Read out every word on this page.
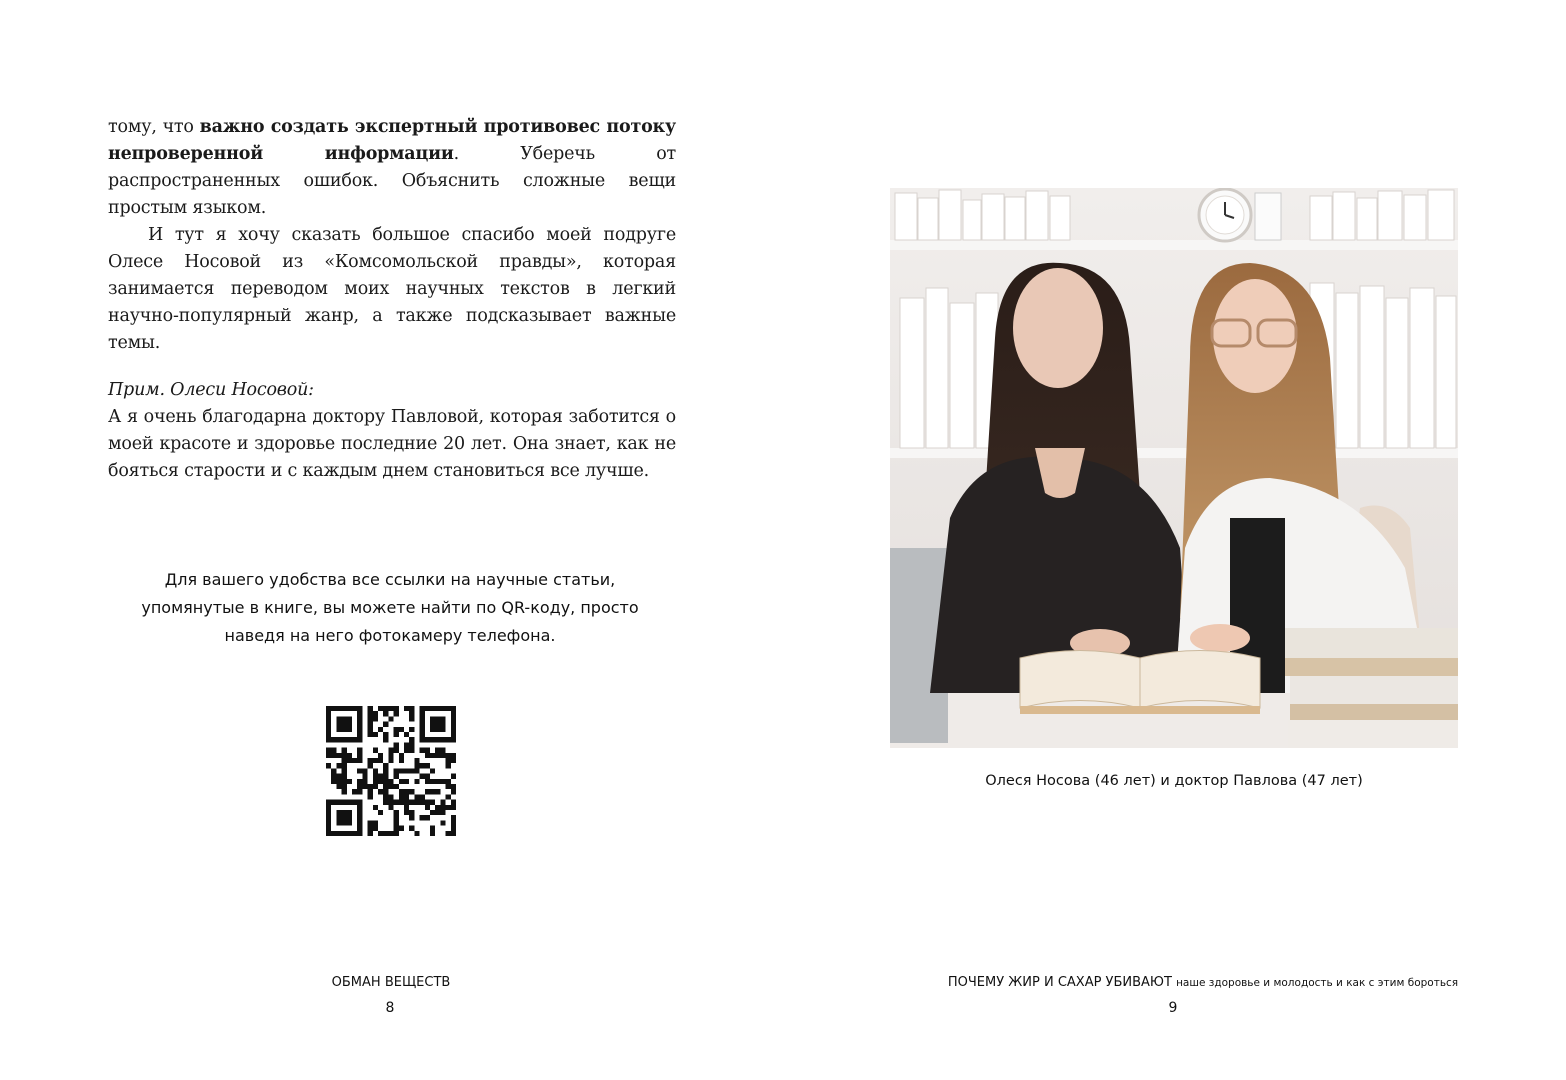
тому, что важно создать экспертный противовес потоку непроверенной информации. Уберечь от распространенных ошибок. Объяснить сложные вещи простым языком.

И тут я хочу сказать большое спасибо моей подруге Олесе Носовой из «Комсомольской правды», которая занимается переводом моих научных текстов в легкий научно-популярный жанр, а также подсказывает важные темы.

Прим. Олеси Носовой:

А я очень благодарна доктору Павловой, которая заботится о моей красоте и здоровье последние 20 лет. Она знает, как не бояться старости и с каждым днем становиться все лучше.

Для вашего удобства все ссылки на научные статьи,
упомянутые в книге, вы можете найти по QR-коду, просто
наведя на него фотокамеру телефона.
ОБМАН ВЕЩЕСТВ
8
Олеся Носова (46 лет) и доктор Павлова (47 лет)
ПОЧЕМУ ЖИР И САХАР УБИВАЮТ наше здоровье и молодость и как с этим бороться
9
